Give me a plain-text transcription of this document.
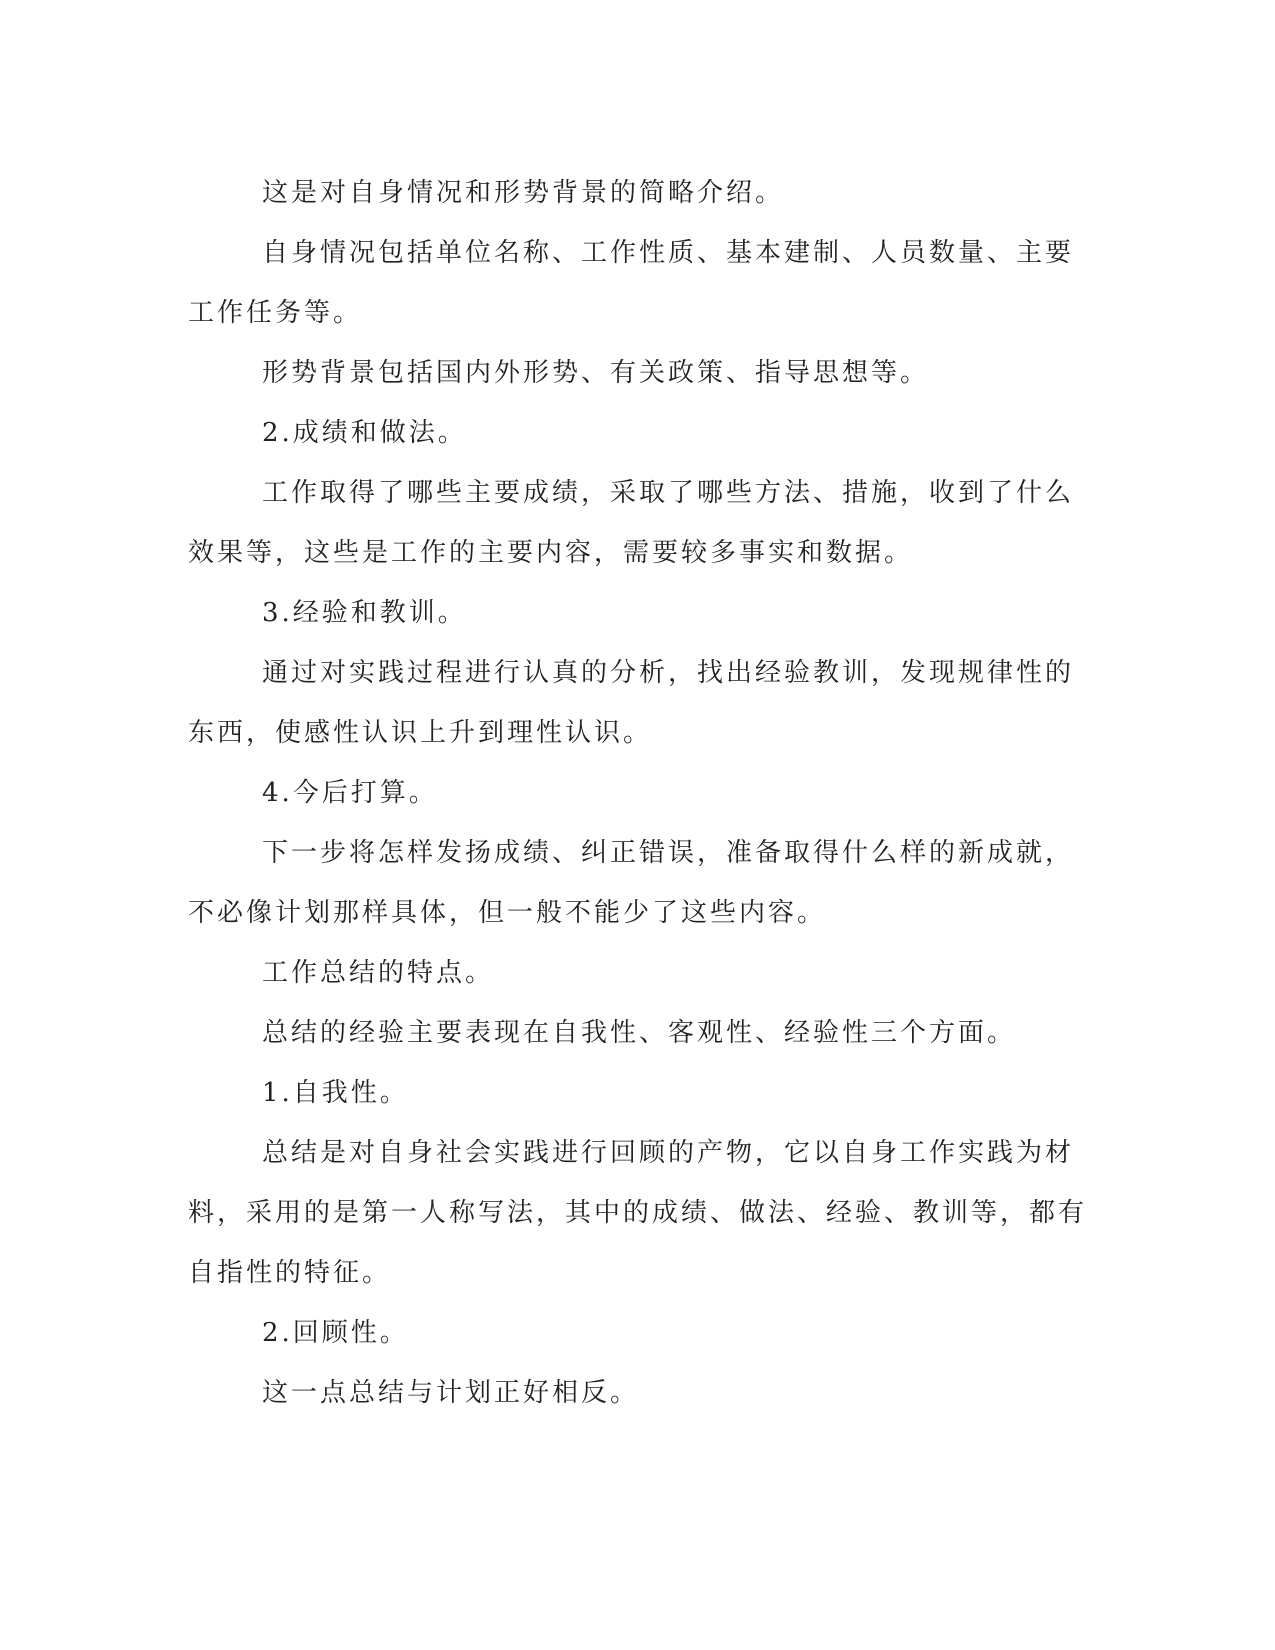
这是对自身情况和形势背景的简略介绍。

自身情况包括单位名称、工作性质、基本建制、人员数量、主要工作任务等。

形势背景包括国内外形势、有关政策、指导思想等。

2.成绩和做法。

工作取得了哪些主要成绩，采取了哪些方法、措施，收到了什么效果等，这些是工作的主要内容，需要较多事实和数据。

3.经验和教训。

通过对实践过程进行认真的分析，找出经验教训，发现规律性的东西，使感性认识上升到理性认识。

4.今后打算。

下一步将怎样发扬成绩、纠正错误，准备取得什么样的新成就，不必像计划那样具体，但一般不能少了这些内容。

工作总结的特点。

总结的经验主要表现在自我性、客观性、经验性三个方面。

1.自我性。

总结是对自身社会实践进行回顾的产物，它以自身工作实践为材料，采用的是第一人称写法，其中的成绩、做法、经验、教训等，都有自指性的特征。

2.回顾性。

这一点总结与计划正好相反。
